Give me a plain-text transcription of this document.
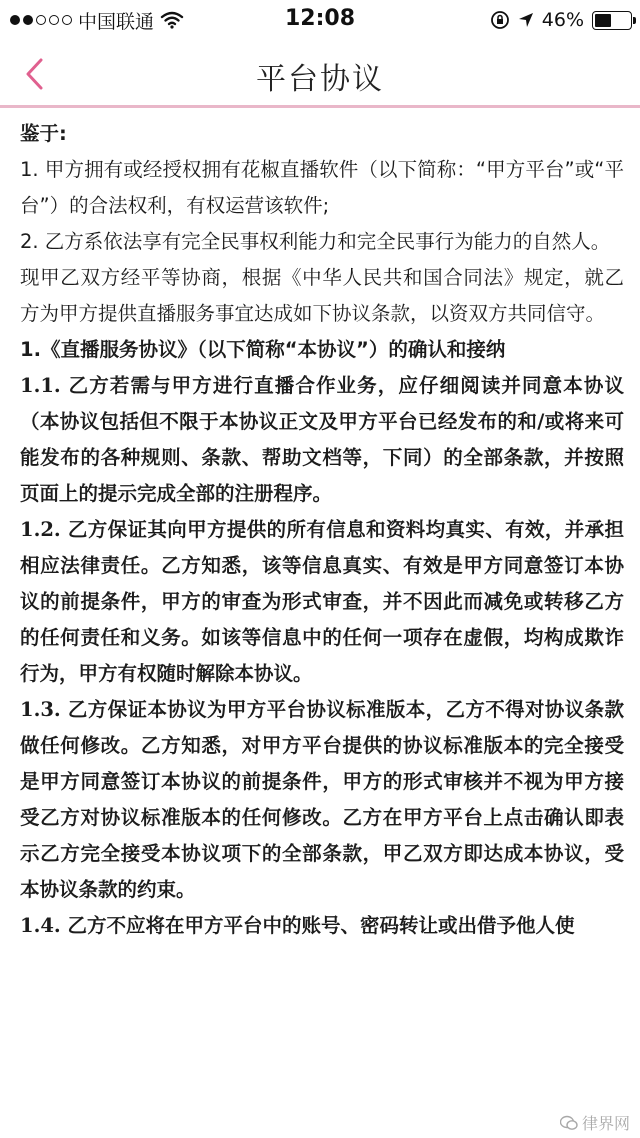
中国联通	12:08	46%
平台协议

鉴于:

1. 甲方拥有或经授权拥有花椒直播软件（以下简称：“甲方平台”或“平台”）的合法权利，有权运营该软件;

2. 乙方系依法享有完全民事权利能力和完全民事行为能力的自然人。

现甲乙双方经平等协商，根据《中华人民共和国合同法》规定，就乙方为甲方提供直播服务事宜达成如下协议条款，以资双方共同信守。

1.《直播服务协议》（以下简称“本协议”）的确认和接纳

1.1. 乙方若需与甲方进行直播合作业务，应仔细阅读并同意本协议（本协议包括但不限于本协议正文及甲方平台已经发布的和/或将来可能发布的各种规则、条款、帮助文档等，下同）的全部条款，并按照页面上的提示完成全部的注册程序。

1.2. 乙方保证其向甲方提供的所有信息和资料均真实、有效，并承担相应法律责任。乙方知悉，该等信息真实、有效是甲方同意签订本协议的前提条件，甲方的审查为形式审查，并不因此而减免或转移乙方的任何责任和义务。如该等信息中的任何一项存在虚假，均构成欺诈行为，甲方有权随时解除本协议。

1.3. 乙方保证本协议为甲方平台协议标准版本，乙方不得对协议条款做任何修改。乙方知悉，对甲方平台提供的协议标准版本的完全接受是甲方同意签订本协议的前提条件，甲方的形式审核并不视为甲方接受乙方对协议标准版本的任何修改。乙方在甲方平台上点击确认即表示乙方完全接受本协议项下的全部条款，甲乙双方即达成本协议，受本协议条款的约束。

1.4. 乙方不应将在甲方平台中的账号、密码转让或出借予他人使

律界网
